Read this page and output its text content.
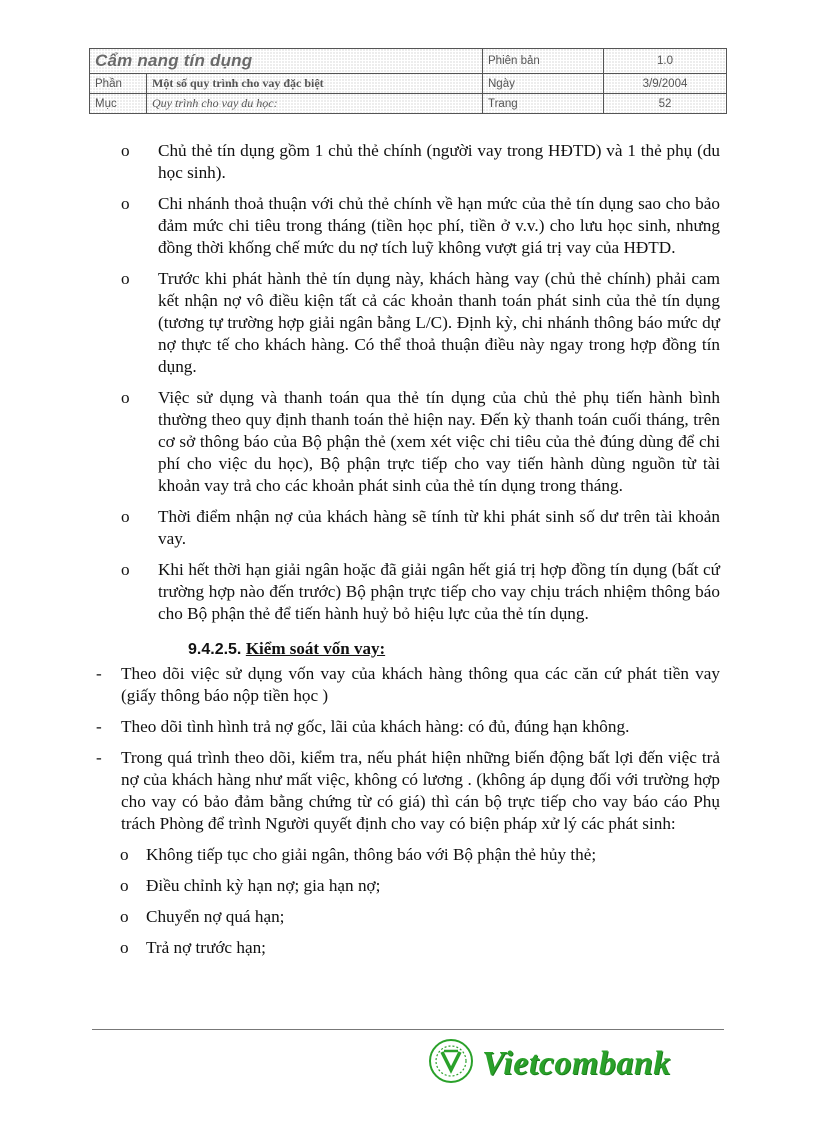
Cẩm nang tín dụng		Phiên bản	1.0
Phần	Một số quy trình cho vay đặc biệt	Ngày	3/9/2004
Mục	Quy trình cho vay du học:	Trang	52
o Chủ thẻ tín dụng gồm 1 chủ thẻ chính (người vay trong HĐTD) và 1 thẻ phụ (du học sinh).
o Chi nhánh thoả thuận với chủ thẻ chính về hạn mức của thẻ tín dụng sao cho bảo đảm mức chi tiêu trong tháng (tiền học phí, tiền ở v.v.) cho lưu học sinh, nhưng đồng thời khống chế mức du nợ tích luỹ không vượt giá trị vay của HĐTD.
o Trước khi phát hành thẻ tín dụng này, khách hàng vay (chủ thẻ chính) phải cam kết nhận nợ vô điều kiện tất cả các khoản thanh toán phát sinh của thẻ tín dụng (tương tự trường hợp giải ngân bằng L/C). Định kỳ, chi nhánh thông báo mức dự nợ thực tế cho khách hàng. Có thể thoả thuận điều này ngay trong hợp đồng tín dụng.
o Việc sử dụng và thanh toán qua thẻ tín dụng của chủ thẻ phụ tiến hành bình thường theo quy định thanh toán thẻ hiện nay. Đến kỳ thanh toán cuối tháng, trên cơ sở thông báo của Bộ phận thẻ (xem xét việc chi tiêu của thẻ đúng dùng để chi phí cho việc du học), Bộ phận trực tiếp cho vay tiến hành dùng nguồn từ tài khoản vay trả cho các khoản phát sinh của thẻ tín dụng trong tháng.
o Thời điểm nhận nợ của khách hàng sẽ tính từ khi phát sinh số dư trên tài khoản vay.
o Khi hết thời hạn giải ngân hoặc đã giải ngân hết giá trị hợp đồng tín dụng (bất cứ trường hợp nào đến trước) Bộ phận trực tiếp cho vay chịu trách nhiệm thông báo cho Bộ phận thẻ để tiến hành huỷ bỏ hiệu lực của thẻ tín dụng.
9.4.2.5. Kiểm soát vốn vay:
- Theo dõi việc sử dụng vốn vay của khách hàng thông qua các căn cứ phát tiền vay (giấy thông báo nộp tiền học )
- Theo dõi tình hình trả nợ gốc, lãi của khách hàng: có đủ, đúng hạn không.
- Trong quá trình theo dõi, kiểm tra, nếu phát hiện những biến động bất lợi đến việc trả nợ của khách hàng như mất việc, không có lương . (không áp dụng đối với trường hợp cho vay có bảo đảm bằng chứng từ có giá) thì cán bộ trực tiếp cho vay báo cáo Phụ trách Phòng để trình Người quyết định cho vay có biện pháp xử lý các phát sinh:
o Không tiếp tục cho giải ngân, thông báo với Bộ phận thẻ hủy thẻ;
o Điều chỉnh kỳ hạn nợ; gia hạn nợ;
o Chuyển nợ quá hạn;
o Trả nợ trước hạn;
Vietcombank
